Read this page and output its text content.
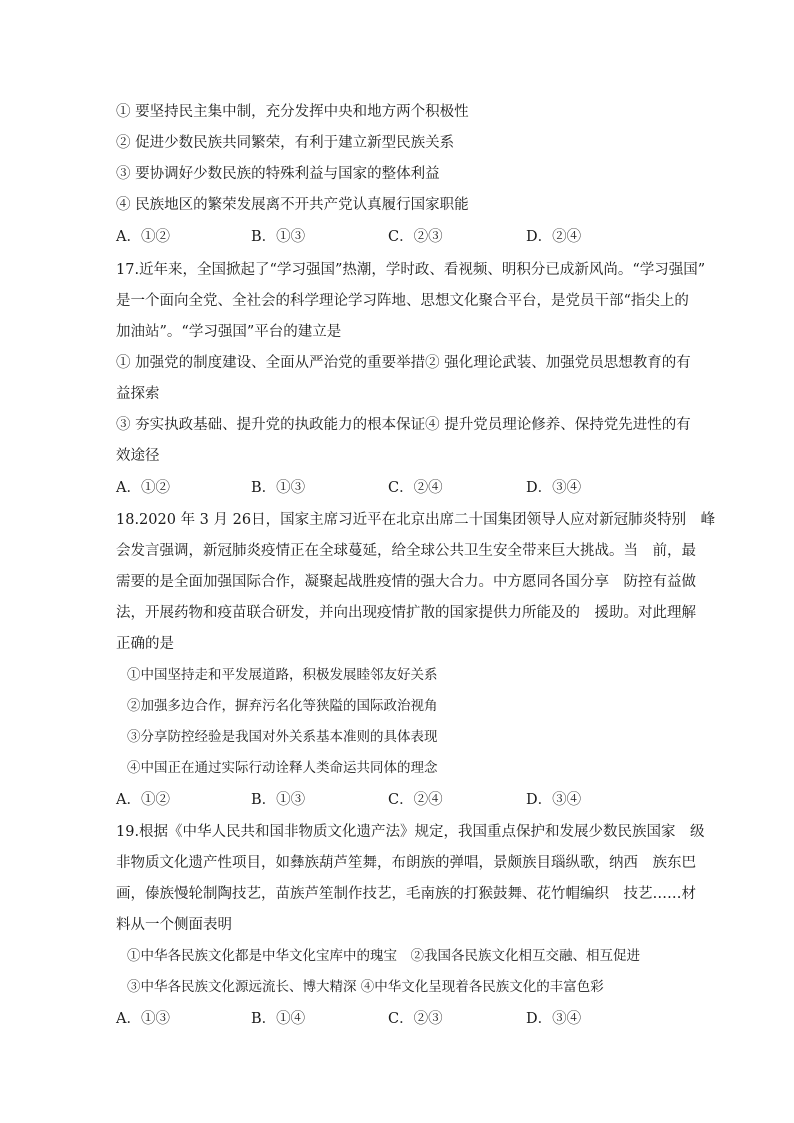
① 要坚持民主集中制，充分发挥中央和地方两个积极性
② 促进少数民族共同繁荣，有利于建立新型民族关系
③ 要协调好少数民族的特殊利益与国家的整体利益
④ 民族地区的繁荣发展离不开共产党认真履行国家职能
A．①②	B．①③	C．②③	D．②④
17.近年来，全国掀起了“学习强国”热潮，学时政、看视频、明积分已成新风尚。“学习强国”
是一个面向全党、全社会的科学理论学习阵地、思想文化聚合平台，是党员干部“指尖上的
加油站”。“学习强国”平台的建立是
① 加强党的制度建设、全面从严治党的重要举措② 强化理论武装、加强党员思想教育的有
益探索
③ 夯实执政基础、提升党的执政能力的根本保证④ 提升党员理论修养、保持党先进性的有
效途径
A．①②	B．①③	C．②④	D．③④
18.2020 年 3 月 26日，国家主席习近平在北京出席二十国集团领导人应对新冠肺炎特别　峰
会发言强调，新冠肺炎疫情正在全球蔓延，给全球公共卫生安全带来巨大挑战。当　前，最
需要的是全面加强国际合作，凝聚起战胜疫情的强大合力。中方愿同各国分享　防控有益做
法，开展药物和疫苗联合研发，并向出现疫情扩散的国家提供力所能及的　援助。对此理解
正确的是
①中国坚持走和平发展道路，积极发展睦邻友好关系
②加强多边合作，摒弃污名化等狭隘的国际政治视角
③分享防控经验是我国对外关系基本准则的具体表现
④中国正在通过实际行动诠释人类命运共同体的理念
A．①②	B．①③	C．②④	D．③④
19.根据《中华人民共和国非物质文化遗产法》规定，我国重点保护和发展少数民族国家　级
非物质文化遗产性项目，如彝族葫芦笙舞，布朗族的弹唱，景颇族目瑙纵歌，纳西　族东巴
画，傣族慢轮制陶技艺，苗族芦笙制作技艺，毛南族的打猴鼓舞、花竹帽编织　技艺……材
料从一个侧面表明
①中华各民族文化都是中华文化宝库中的瑰宝　②我国各民族文化相互交融、相互促进
③中华各民族文化源远流长、博大精深 ④中华文化呈现着各民族文化的丰富色彩
A．①③	B．①④	C．②③	D．③④
